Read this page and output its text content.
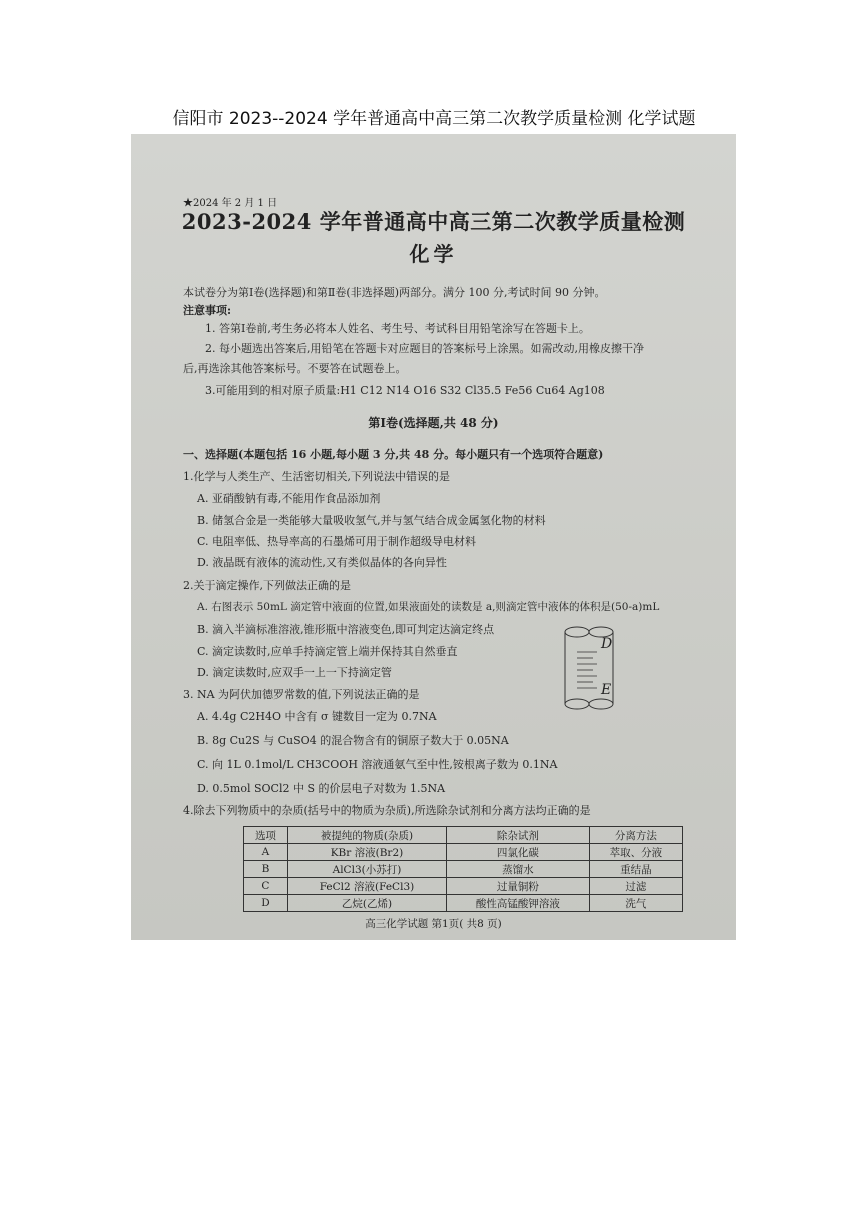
信阳市 2023--2024 学年普通高中高三第二次教学质量检测 化学试题
★2024 年 2 月 1 日
2023-2024 学年普通高中高三第二次教学质量检测
化学
本试卷分为第Ⅰ卷(选择题)和第Ⅱ卷(非选择题)两部分。满分 100 分,考试时间 90 分钟。
注意事项:
1. 答第Ⅰ卷前,考生务必将本人姓名、考生号、考试科目用铅笔涂写在答题卡上。
2. 每小题选出答案后,用铅笔在答题卡对应题目的答案标号上涂黑。如需改动,用橡皮擦干净
后,再选涂其他答案标号。不要答在试题卷上。
3.可能用到的相对原子质量:H1 C12 N14 O16 S32 Cl35.5 Fe56 Cu64 Ag108
第Ⅰ卷(选择题,共 48 分)
一、选择题(本题包括 16 小题,每小题 3 分,共 48 分。每小题只有一个选项符合题意)
1.化学与人类生产、生活密切相关,下列说法中错误的是
A. 亚硝酸钠有毒,不能用作食品添加剂
B. 储氢合金是一类能够大量吸收氢气,并与氢气结合成金属氢化物的材料
C. 电阻率低、热导率高的石墨烯可用于制作超级导电材料
D. 液晶既有液体的流动性,又有类似晶体的各向异性
2.关于滴定操作,下列做法正确的是
A. 右图表示 50mL 滴定管中液面的位置,如果液面处的读数是 a,则滴定管中液体的体积是(50-a)mL
B. 滴入半滴标准溶液,锥形瓶中溶液变色,即可判定达滴定终点
C. 滴定读数时,应单手持滴定管上端并保持其自然垂直
D. 滴定读数时,应双手一上一下持滴定管
3. NA 为阿伏加德罗常数的值,下列说法正确的是
A. 4.4g C2H4O 中含有 σ 键数目一定为 0.7NA
B. 8g Cu2S 与 CuSO4 的混合物含有的铜原子数大于 0.05NA
C. 向 1L 0.1mol/L CH3COOH 溶液通氨气至中性,铵根离子数为 0.1NA
D. 0.5mol SOCl2 中 S 的价层电子对数为 1.5NA
4.除去下列物质中的杂质(括号中的物质为杂质),所选除杂试剂和分离方法均正确的是
D
E
选项	被提纯的物质(杂质)	除杂试剂	分离方法
A	KBr 溶液(Br2)	四氯化碳	萃取、分液
B	AlCl3(小苏打)	蒸馏水	重结晶
C	FeCl2 溶液(FeCl3)	过量铜粉	过滤
D	乙烷(乙烯)	酸性高锰酸钾溶液	洗气
高三化学试题 第1页( 共8 页)
